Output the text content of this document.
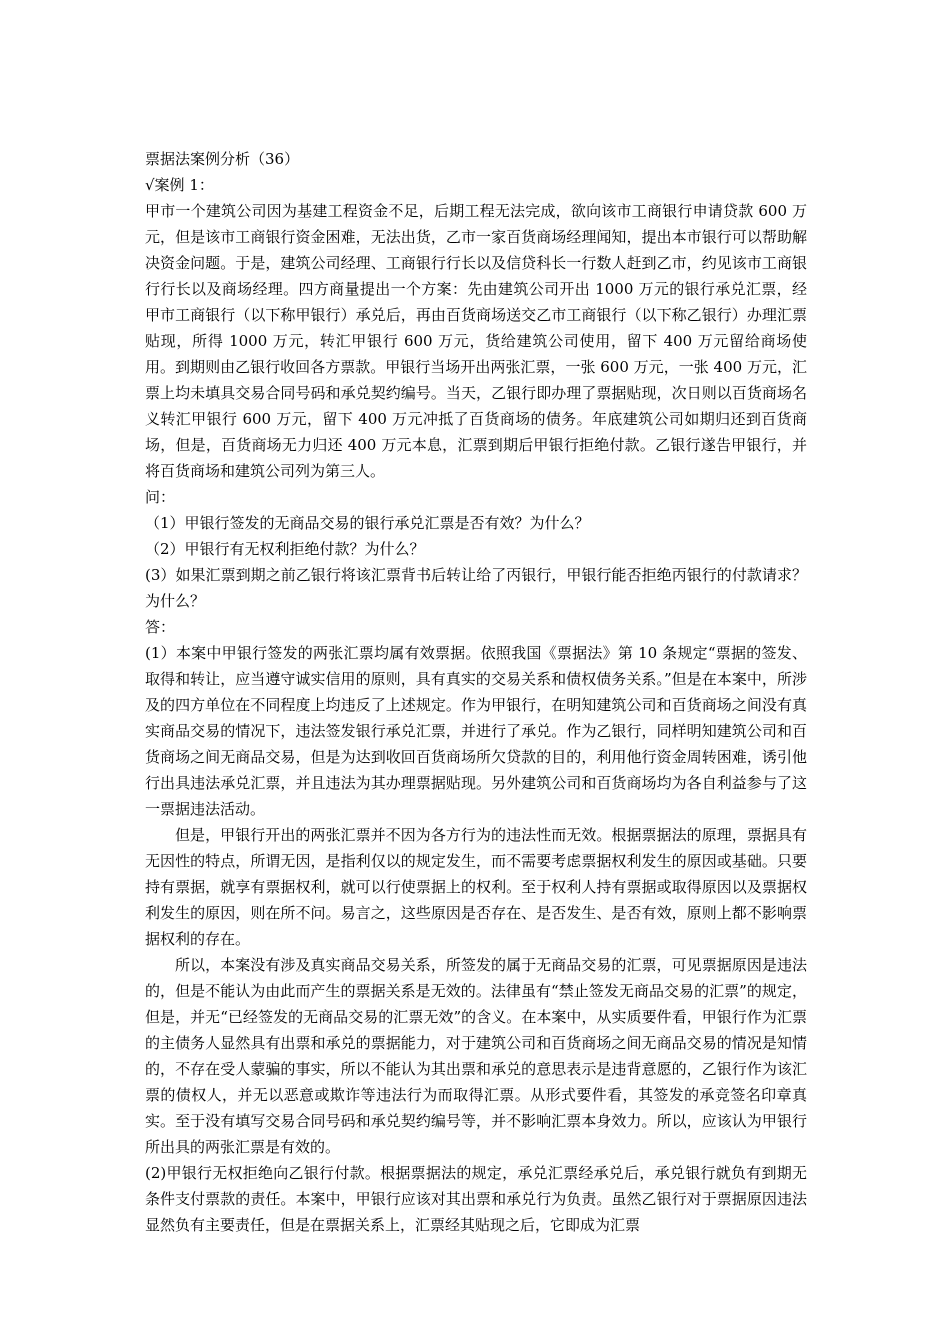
票据法案例分析（36）

√案例 1：

甲市一个建筑公司因为基建工程资金不足，后期工程无法完成，欲向该市工商银行申请贷款 600 万元，但是该市工商银行资金困难，无法出货，乙市一家百货商场经理闻知，提出本市银行可以帮助解决资金问题。于是，建筑公司经理、工商银行行长以及信贷科长一行数人赶到乙市，约见该市工商银行行长以及商场经理。四方商量提出一个方案：先由建筑公司开出 1000 万元的银行承兑汇票，经甲市工商银行（以下称甲银行）承兑后，再由百货商场送交乙市工商银行（以下称乙银行）办理汇票贴现，所得 1000 万元，转汇甲银行 600 万元，货给建筑公司使用，留下 400 万元留给商场使用。到期则由乙银行收回各方票款。甲银行当场开出两张汇票，一张 600 万元，一张 400 万元，汇票上均未填具交易合同号码和承兑契约编号。当天，乙银行即办理了票据贴现，次日则以百货商场名义转汇甲银行 600 万元，留下 400 万元冲抵了百货商场的债务。年底建筑公司如期归还到百货商场，但是，百货商场无力归还 400 万元本息，汇票到期后甲银行拒绝付款。乙银行遂告甲银行，并将百货商场和建筑公司列为第三人。

问：

（1）甲银行签发的无商品交易的银行承兑汇票是否有效？为什么？

（2）甲银行有无权利拒绝付款？为什么？

(3）如果汇票到期之前乙银行将该汇票背书后转让给了丙银行，甲银行能否拒绝丙银行的付款请求？为什么？

答：

(1）本案中甲银行签发的两张汇票均属有效票据。依照我国《票据法》第 10 条规定“票据的签发、取得和转让，应当遵守诚实信用的原则，具有真实的交易关系和债权债务关系。”但是在本案中，所涉及的四方单位在不同程度上均违反了上述规定。作为甲银行，在明知建筑公司和百货商场之间没有真实商品交易的情况下，违法签发银行承兑汇票，并进行了承兑。作为乙银行，同样明知建筑公司和百货商场之间无商品交易，但是为达到收回百货商场所欠贷款的目的，利用他行资金周转困难，诱引他行出具违法承兑汇票，并且违法为其办理票据贴现。另外建筑公司和百货商场均为各自利益参与了这一票据违法活动。

但是，甲银行开出的两张汇票并不因为各方行为的违法性而无效。根据票据法的原理，票据具有无因性的特点，所谓无因，是指利仅以的规定发生，而不需要考虑票据权利发生的原因或基础。只要持有票据，就享有票据权利，就可以行使票据上的权利。至于权利人持有票据或取得原因以及票据权利发生的原因，则在所不问。易言之，这些原因是否存在、是否发生、是否有效，原则上都不影响票据权利的存在。

所以，本案没有涉及真实商品交易关系，所签发的属于无商品交易的汇票，可见票据原因是违法的，但是不能认为由此而产生的票据关系是无效的。法律虽有“禁止签发无商品交易的汇票”的规定，但是，并无“已经签发的无商品交易的汇票无效”的含义。在本案中，从实质要件看，甲银行作为汇票的主债务人显然具有出票和承兑的票据能力，对于建筑公司和百货商场之间无商品交易的情况是知情的，不存在受人蒙骗的事实，所以不能认为其出票和承兑的意思表示是违背意愿的，乙银行作为该汇票的债权人，并无以恶意或欺诈等违法行为而取得汇票。从形式要件看，其签发的承竞签名印章真实。至于没有填写交易合同号码和承兑契约编号等，并不影响汇票本身效力。所以，应该认为甲银行所出具的两张汇票是有效的。

(2)甲银行无权拒绝向乙银行付款。根据票据法的规定，承兑汇票经承兑后，承兑银行就负有到期无条件支付票款的责任。本案中，甲银行应该对其出票和承兑行为负责。虽然乙银行对于票据原因违法显然负有主要责任，但是在票据关系上，汇票经其贴现之后，它即成为汇票
